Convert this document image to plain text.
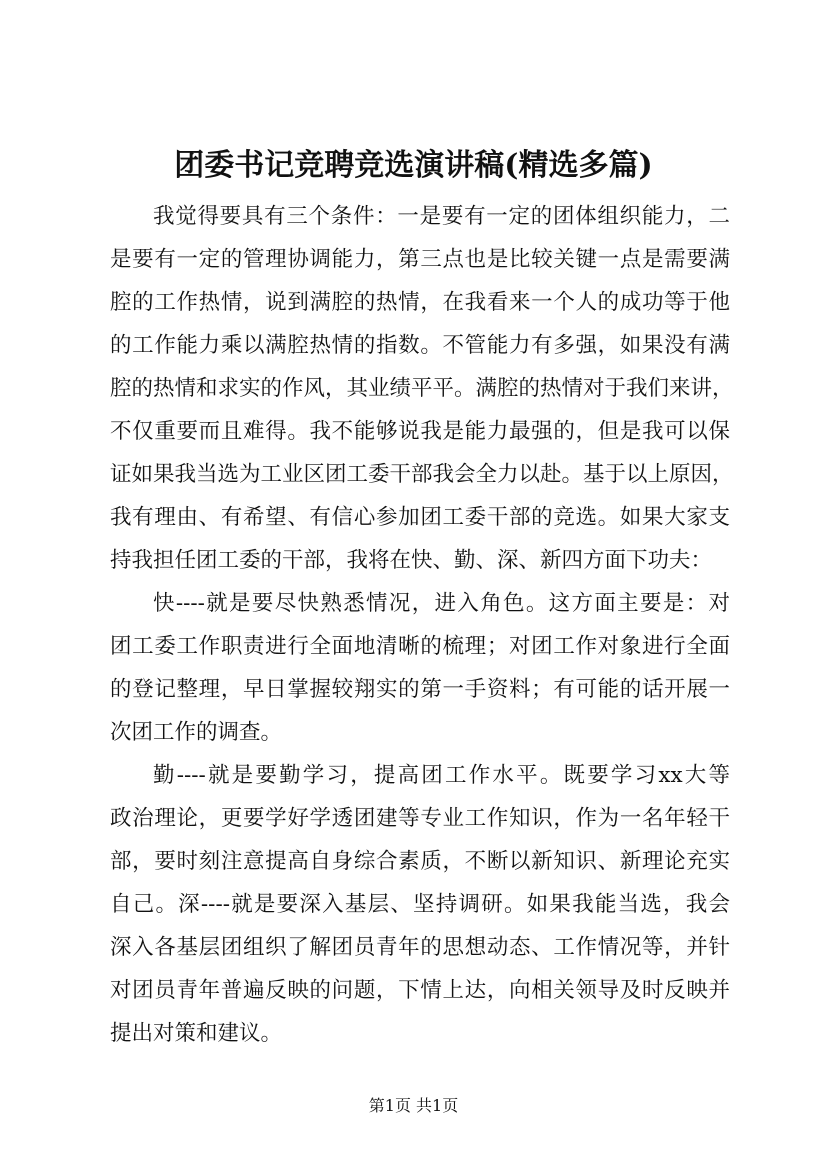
团委书记竞聘竞选演讲稿(精选多篇)
我觉得要具有三个条件：一是要有一定的团体组织能力，二
是要有一定的管理协调能力，第三点也是比较关键一点是需要满
腔的工作热情，说到满腔的热情，在我看来一个人的成功等于他
的工作能力乘以满腔热情的指数。不管能力有多强，如果没有满
腔的热情和求实的作风，其业绩平平。满腔的热情对于我们来讲，
不仅重要而且难得。我不能够说我是能力最强的，但是我可以保
证如果我当选为工业区团工委干部我会全力以赴。基于以上原因，
我有理由、有希望、有信心参加团工委干部的竞选。如果大家支
持我担任团工委的干部，我将在快、勤、深、新四方面下功夫：
快----就是要尽快熟悉情况，进入角色。这方面主要是：对
团工委工作职责进行全面地清晰的梳理；对团工作对象进行全面
的登记整理，早日掌握较翔实的第一手资料；有可能的话开展一
次团工作的调查。
勤----就是要勤学习，提高团工作水平。既要学习xx大等
政治理论，更要学好学透团建等专业工作知识，作为一名年轻干
部，要时刻注意提高自身综合素质，不断以新知识、新理论充实
自己。深----就是要深入基层、坚持调研。如果我能当选，我会
深入各基层团组织了解团员青年的思想动态、工作情况等，并针
对团员青年普遍反映的问题，下情上达，向相关领导及时反映并
提出对策和建议。
第1页 共1页
